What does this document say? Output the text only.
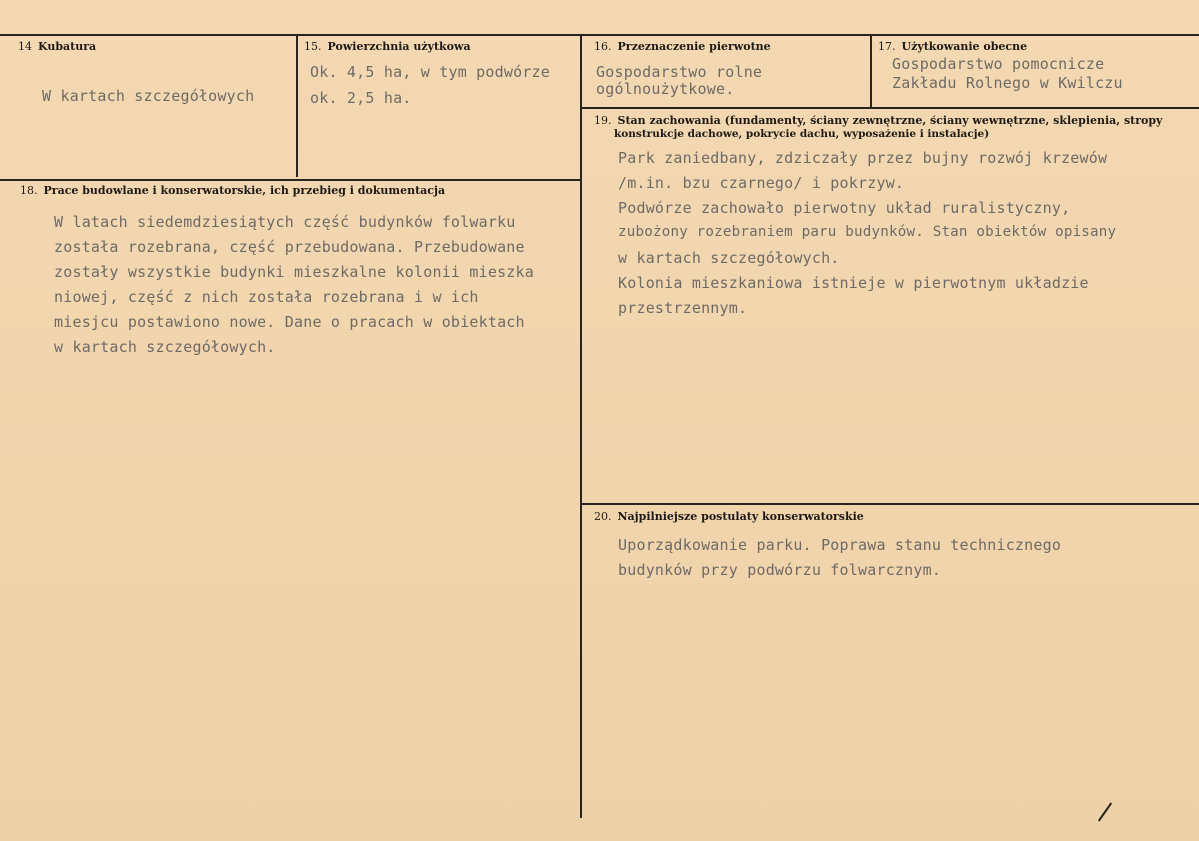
14 Kubatura
W kartach szczegółowych
15. Powierzchnia użytkowa
Ok. 4,5 ha, w tym podwórze
ok. 2,5 ha.
16. Przeznaczenie pierwotne
Gospodarstwo rolne
ogólnoużytkowe.
17. Użytkowanie obecne
Gospodarstwo pomocnicze
Zakładu Rolnego w Kwilczu
18. Prace budowlane i konserwatorskie, ich przebieg i dokumentacja
W latach siedemdziesiątych część budynków folwarku
została rozebrana, część przebudowana. Przebudowane
zostały wszystkie budynki mieszkalne kolonii mieszka
niowej, część z nich została rozebrana i w ich
miesjcu postawiono nowe. Dane o pracach w obiektach
w kartach szczegółowych.
19. Stan zachowania (fundamenty, ściany zewnętrzne, ściany wewnętrzne, sklepienia, stropy
konstrukcje dachowe, pokrycie dachu, wyposażenie i instalacje)
Park zaniedbany, zdziczały przez bujny rozwój krzewów
/m.in. bzu czarnego/ i pokrzyw.
Podwórze zachowało pierwotny układ ruralistyczny,
zubożony rozebraniem paru budynków. Stan obiektów opisany
w kartach szczegółowych.
Kolonia mieszkaniowa istnieje w pierwotnym układzie
przestrzennym.
20. Najpilniejsze postulaty konserwatorskie
Uporządkowanie parku. Poprawa stanu technicznego
budynków przy podwórzu folwarcznym.
